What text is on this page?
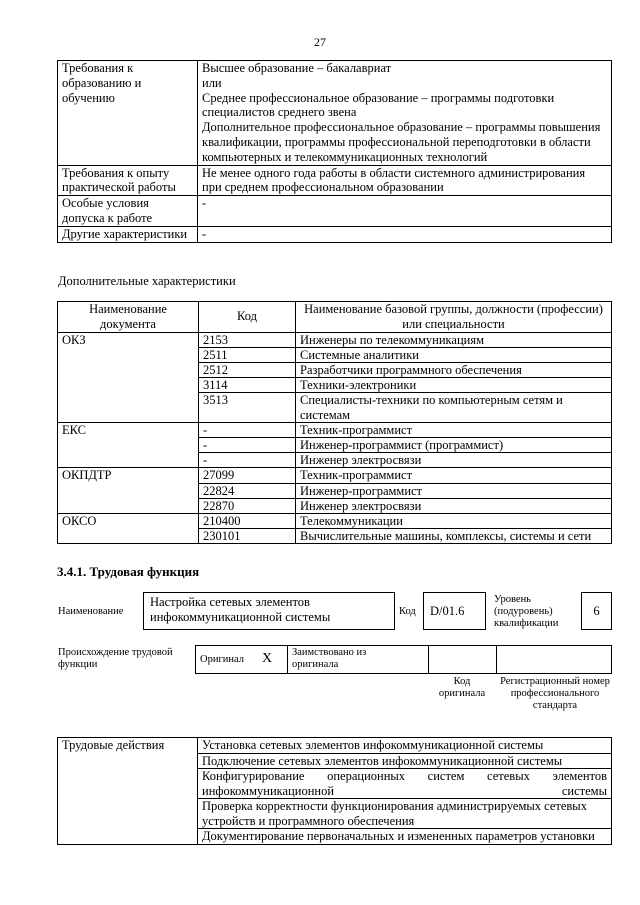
27
Требования к образованию и обучению	Высшее образование – бакалавриат
или
Среднее профессиональное образование – программы подготовки специалистов среднего звена
Дополнительное профессиональное образование – программы повышения квалификации, программы профессиональной переподготовки в области компьютерных и телекоммуникационных технологий

Требования к опыту практической работы	Не менее одного года работы в области системного администрирования при среднем профессиональном образовании
Особые условия допуска к работе	-
Другие характеристики	-
Дополнительные характеристики
Наименование документа	Код	Наименование базовой группы, должности (профессии) или специальности
ОКЗ	2153	Инженеры по телекоммуникациям
	2511	Системные аналитики
	2512	Разработчики программного обеспечения
	3114	Техники-электроники
	3513	Специалисты-техники по компьютерным сетям и системам
ЕКС	-	Техник-программист
	-	Инженер-программист (программист)
	-	Инженер электросвязи
ОКПДТР	27099	Техник-программист
	22824	Инженер-программист
	22870	Инженер электросвязи
ОКСО	210400	Телекоммуникации
	230101	Вычислительные машины, комплексы, системы и сети
3.4.1. Трудовая функция
Наименование
Настройка сетевых элементов инфокоммуникационной системы	Код	D/01.6
Уровень (подуровень) квалификации
6
Происхождение трудовой функции	Оригинал X Заимствовано из оригинала
Код оригинала
Регистрационный номер профессионального стандарта
Трудовые действия	Установка сетевых элементов инфокоммуникационной системы
Подключение сетевых элементов инфокоммуникационной системы
Конфигурирование операционных систем сетевых элементов инфокоммуникационной системы
Проверка корректности функционирования администрируемых сетевых устройств и программного обеспечения
Документирование первоначальных и измененных параметров установки
